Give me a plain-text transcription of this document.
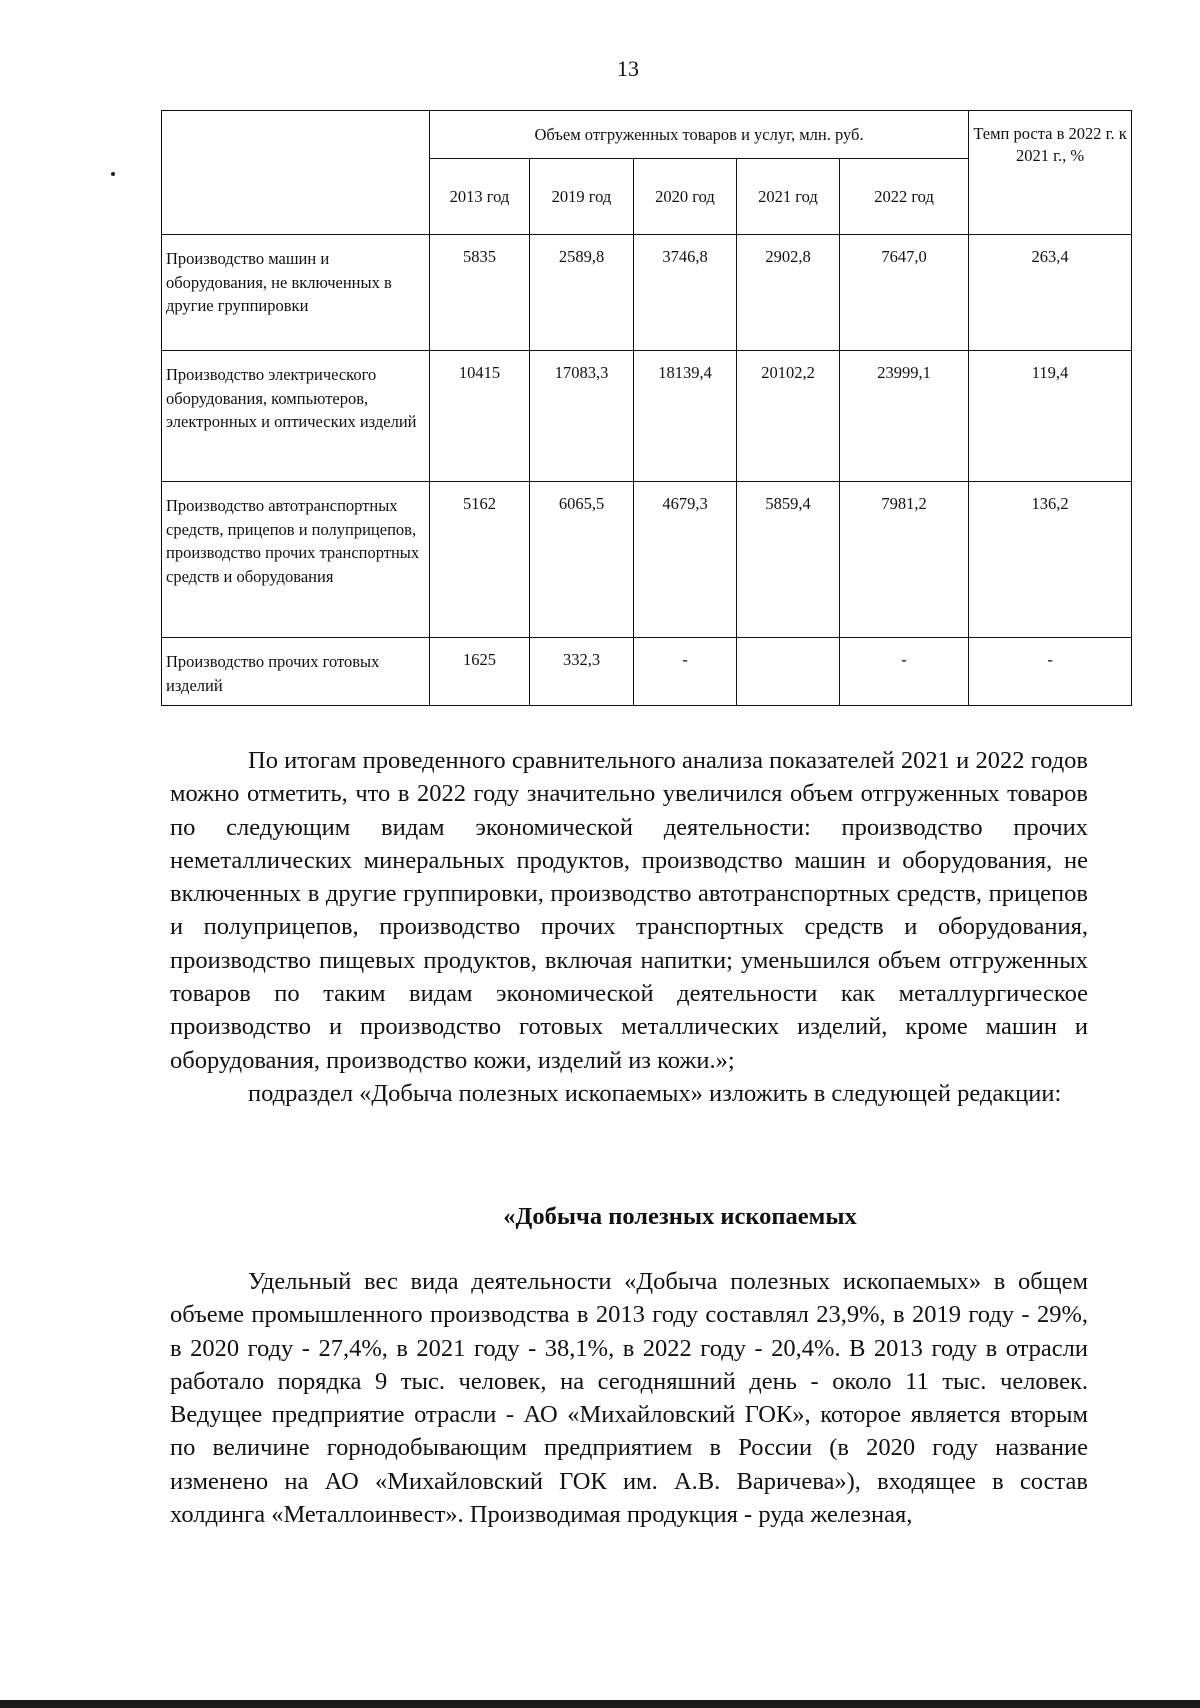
13
	Объем отгруженных товаров и услуг, млн. руб.					Темп роста в 2022 г. к 2021 г., %
	2013 год	2019 год	2020 год	2021 год	2022 год	
Производство машин и оборудования, не включенных в другие группировки	5835	2589,8	3746,8	2902,8	7647,0	263,4
Производство электрического оборудования, компьютеров, электронных и оптических изделий	10415	17083,3	18139,4	20102,2	23999,1	119,4
Производство автотранспортных средств, прицепов и полуприцепов, производство прочих транспортных средств и оборудования	5162	6065,5	4679,3	5859,4	7981,2	136,2
Производство прочих готовых изделий	1625	332,3	-		-	-

По итогам проведенного сравнительного анализа показателей 2021 и 2022 годов можно отметить, что в 2022 году значительно увеличился объем отгруженных товаров по следующим видам экономической деятельности: производство прочих неметаллических минеральных продуктов, производство машин и оборудования, не включенных в другие группировки, производство автотранспортных средств, прицепов и полуприцепов, производство прочих транспортных средств и оборудования, производство пищевых продуктов, включая напитки; уменьшился объем отгруженных товаров по таким видам экономической деятельности как металлургическое производство и производство готовых металлических изделий, кроме машин и оборудования, производство кожи, изделий из кожи.»;

подраздел «Добыча полезных ископаемых» изложить в следующей редакции:

«Добыча полезных ископаемых

Удельный вес вида деятельности «Добыча полезных ископаемых» в общем объеме промышленного производства в 2013 году составлял 23,9%, в 2019 году - 29%, в 2020 году - 27,4%, в 2021 году - 38,1%, в 2022 году - 20,4%. В 2013 году в отрасли работало порядка 9 тыс. человек, на сегодняшний день - около 11 тыс. человек. Ведущее предприятие отрасли - АО «Михайловский ГОК», которое является вторым по величине горнодобывающим предприятием в России (в 2020 году название изменено на АО «Михайловский ГОК им. А.В. Варичева»), входящее в состав холдинга «Металлоинвест». Производимая продукция - руда железная,
